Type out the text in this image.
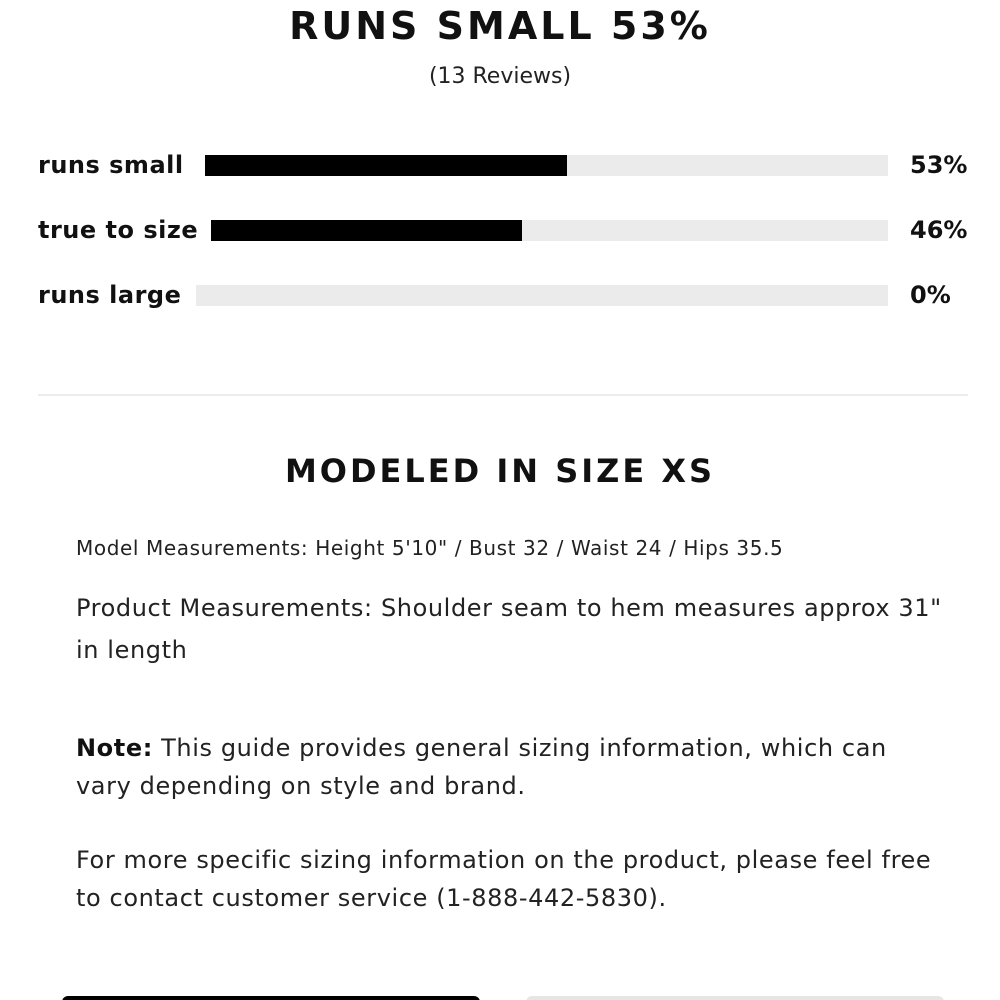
RUNS SMALL 53%
(13 Reviews)
runs small	53%
true to size	46%
runs large	0%
MODELED IN SIZE XS
Model Measurements: Height 5'10" / Bust 32 / Waist 24 / Hips 35.5
Product Measurements: Shoulder seam to hem measures approx 31" in length
Note: This guide provides general sizing information, which can vary depending on style and brand.
For more specific sizing information on the product, please feel free to contact customer service (1-888-442-5830).
